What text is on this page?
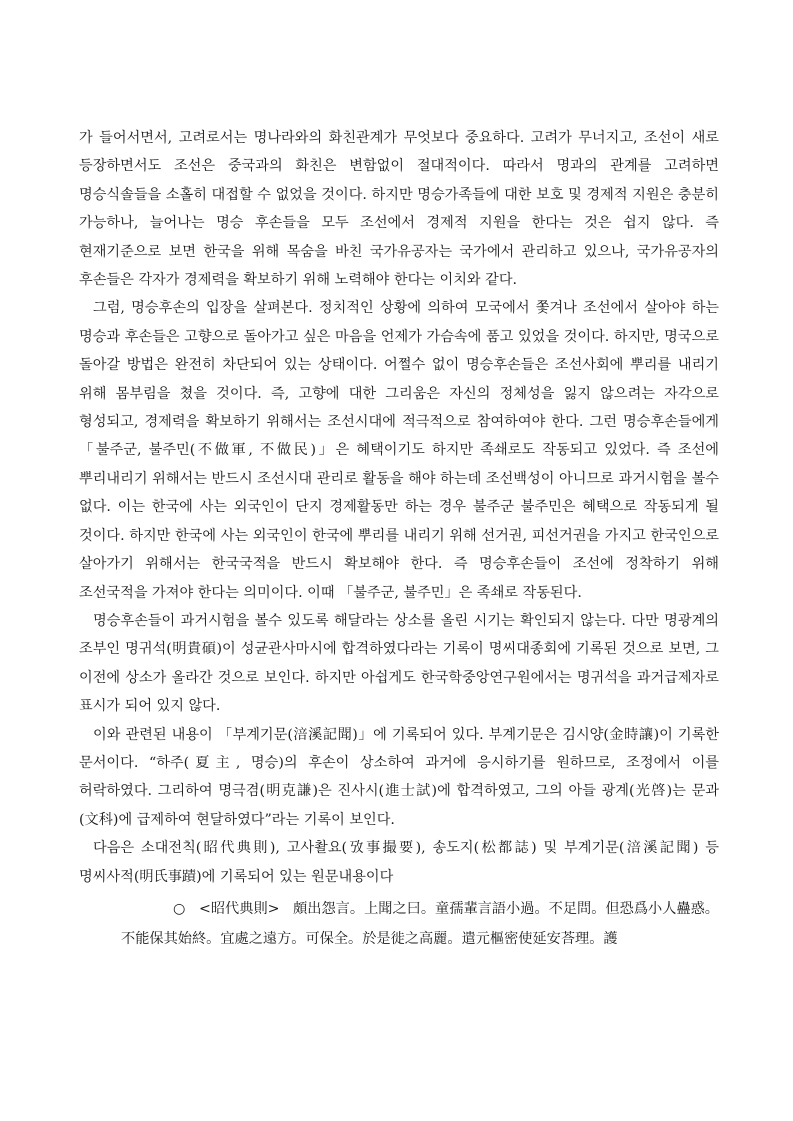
가 들어서면서, 고려로서는 명나라와의 화친관계가 무엇보다 중요하다. 고려가 무너지고, 조선이 새로 등장하면서도 조선은 중국과의 화친은 변함없이 절대적이다. 따라서 명과의 관계를 고려하면 명승식솔들을 소홀히 대접할 수 없었을 것이다. 하지만 명승가족들에 대한 보호 및 경제적 지원은 충분히 가능하나, 늘어나는 명승 후손들을 모두 조선에서 경제적 지원을 한다는 것은 쉽지 않다. 즉 현재기준으로 보면 한국을 위해 목숨을 바친 국가유공자는 국가에서 관리하고 있으나, 국가유공자의 후손들은 각자가 경제력을 확보하기 위해 노력해야 한다는 이치와 같다.

그럼, 명승후손의 입장을 살펴본다. 정치적인 상황에 의하여 모국에서 쫓겨나 조선에서 살아야 하는 명승과 후손들은 고향으로 돌아가고 싶은 마음을 언제가 가슴속에 품고 있었을 것이다. 하지만, 명국으로 돌아갈 방법은 완전히 차단되어 있는 상태이다. 어쩔수 없이 명승후손들은 조선사회에 뿌리를 내리기 위해 몸부림을 쳤을 것이다. 즉, 고향에 대한 그리움은 자신의 정체성을 잃지 않으려는 자각으로 형성되고, 경제력을 확보하기 위해서는 조선시대에 적극적으로 참여하여야 한다. 그런 명승후손들에게 「불주군, 불주민(不做軍, 不做民)」은 혜택이기도 하지만 족쇄로도 작동되고 있었다. 즉 조선에 뿌리내리기 위해서는 반드시 조선시대 관리로 활동을 해야 하는데 조선백성이 아니므로 과거시험을 볼수 없다. 이는 한국에 사는 외국인이 단지 경제활동만 하는 경우 불주군 불주민은 혜택으로 작동되게 될 것이다. 하지만 한국에 사는 외국인이 한국에 뿌리를 내리기 위해 선거권, 피선거권을 가지고 한국인으로 살아가기 위해서는 한국국적을 반드시 확보해야 한다. 즉 명승후손들이 조선에 정착하기 위해 조선국적을 가져야 한다는 의미이다. 이때 「불주군, 불주민」은 족쇄로 작동된다.

명승후손들이 과거시험을 볼수 있도록 해달라는 상소를 올린 시기는 확인되지 않는다. 다만 명광계의 조부인 명귀석(明貴碩)이 성균관사마시에 합격하였다라는 기록이 명씨대종회에 기록된 것으로 보면, 그 이전에 상소가 올라간 것으로 보인다. 하지만 아쉽게도 한국학중앙연구원에서는 명귀석을 과거급제자로 표시가 되어 있지 않다.

이와 관련된 내용이 「부계기문(涪溪記聞)」에 기록되어 있다. 부계기문은 김시양(金時讓)이 기록한 문서이다. “하주(夏主, 명승)의 후손이 상소하여 과거에 응시하기를 원하므로, 조정에서 이를 허락하였다. 그리하여 명극겸(明克謙)은 진사시(進士試)에 합격하였고, 그의 아들 광계(光啓)는 문과(文科)에 급제하여 현달하였다”라는 기록이 보인다.

다음은 소대전칙(昭代典則), 고사촬요(攷事撮要), 송도지(松都誌) 및 부계기문(涪溪記聞) 등 명씨사적(明氏事蹟)에 기록되어 있는 원문내용이다

○ <昭代典則> 頗出怨言。上聞之曰。童孺輩言語小過。不足問。但恐爲小人蠱惑。不能保其始終。宜處之遠方。可保全。於是徙之高麗。遣元樞密使延安荅理。護
